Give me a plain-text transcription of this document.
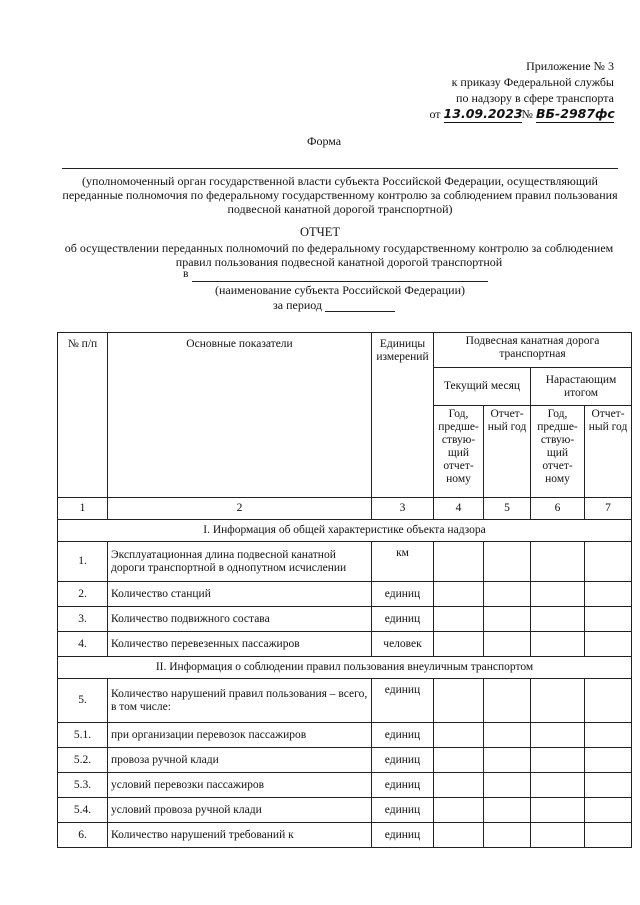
Приложение № 3
к приказу Федеральной службы
по надзору в сфере транспорта
от 13.09.2023№ ВБ-2987фс
Форма
(уполномоченный орган государственной власти субъекта Российской Федерации, осуществляющий переданные полномочия по федеральному государственному контролю за соблюдением правил пользования подвесной канатной дорогой транспортной)
ОТЧЕТ
об осуществлении переданных полномочий по федеральному государственному контролю за соблюдением правил пользования подвесной канатной дорогой транспортной
в
(наименование субъекта Российской Федерации)
за период
№ п/п	Основные показатели	Единицы измерений	Подвесная канатная дорога транспортная			
			Текущий месяц		Нарастающим итогом	
			Год, предше-ствую-щий отчет-ному	Отчет-ный год	Год, предше-ствую-щий отчет-ному	Отчет-ный год
1	2	3	4	5	6	7
I. Информация об общей характеристике объекта надзора						
1.	Эксплуатационная длина подвесной канатной дороги транспортной в однопутном исчислении	км				
2.	Количество станций	единиц				
3.	Количество подвижного состава	единиц				
4.	Количество перевезенных пассажиров	человек				
II. Информация о соблюдении правил пользования внеуличным транспортом						
5.	Количество нарушений правил пользования – всего, в том числе:	единиц				
5.1.	при организации перевозок пассажиров	единиц				
5.2.	провоза ручной клади	единиц				
5.3.	условий перевозки пассажиров	единиц				
5.4.	условий провоза ручной клади	единиц				
6.	Количество нарушений требований к	единиц				
